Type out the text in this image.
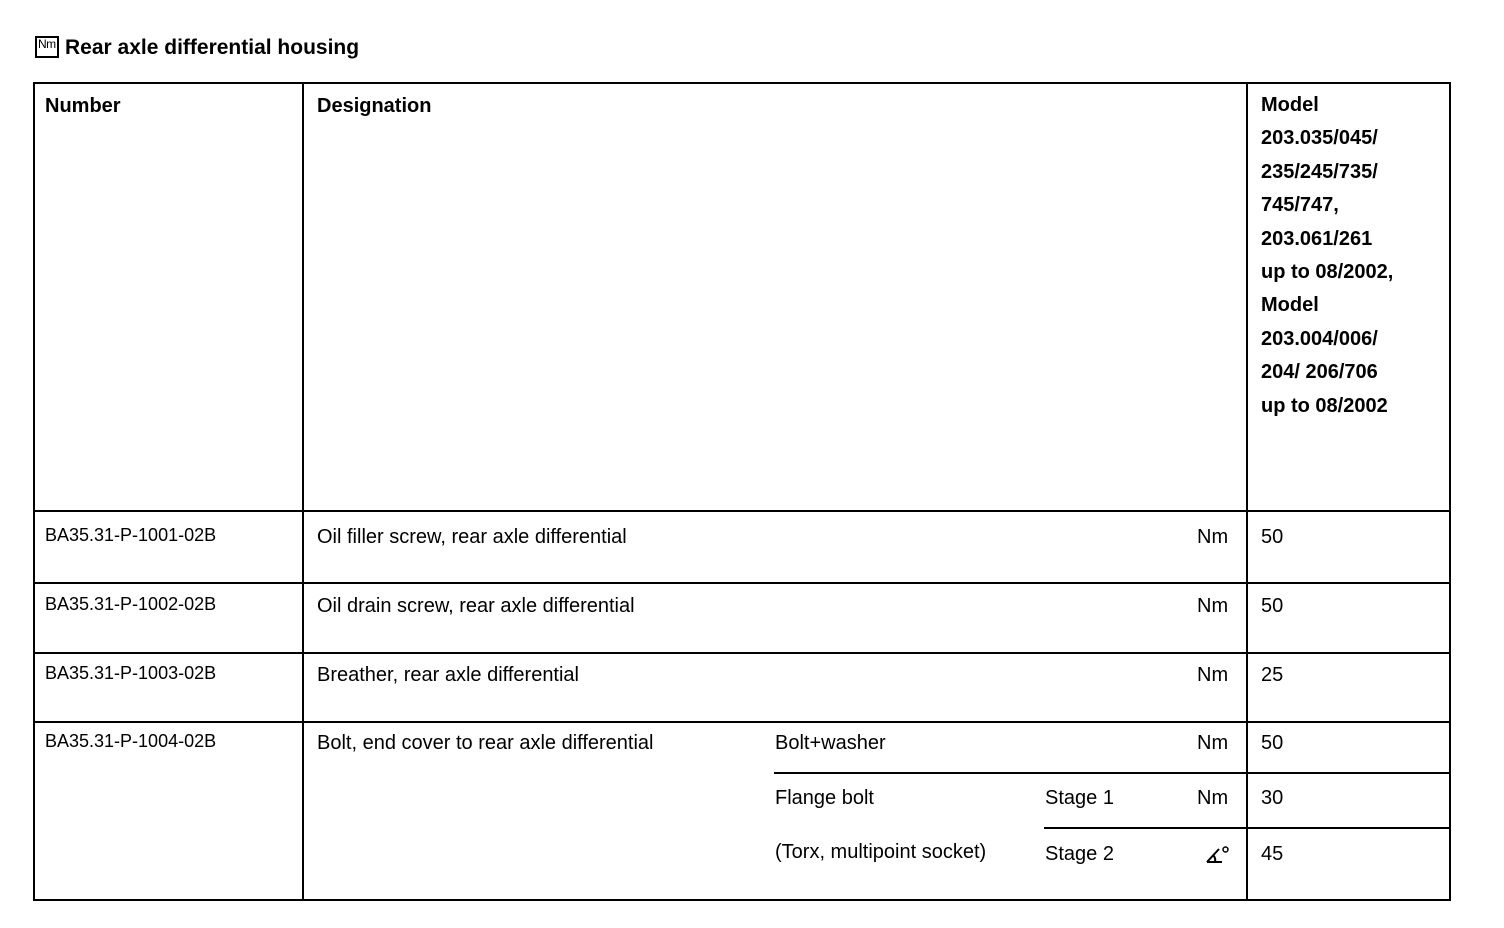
Nm Rear axle differential housing
Number	Designation	Model
203.035/045/
235/245/735/
745/747,
203.061/261
up to 08/2002,
Model
203.004/006/
204/ 206/706
up to 08/2002
BA35.31-P-1001-02B	Oil filler screw, rear axle differential	Nm 50
BA35.31-P-1002-02B	Oil drain screw, rear axle differential	Nm 50
BA35.31-P-1003-02B	Breather, rear axle differential	Nm 25
BA35.31-P-1004-02B	Bolt, end cover to rear axle differential	Bolt+washer	Nm 50
Flange bolt	Stage 1	Nm 30
(Torx, multipoint socket)	Stage 2	45
